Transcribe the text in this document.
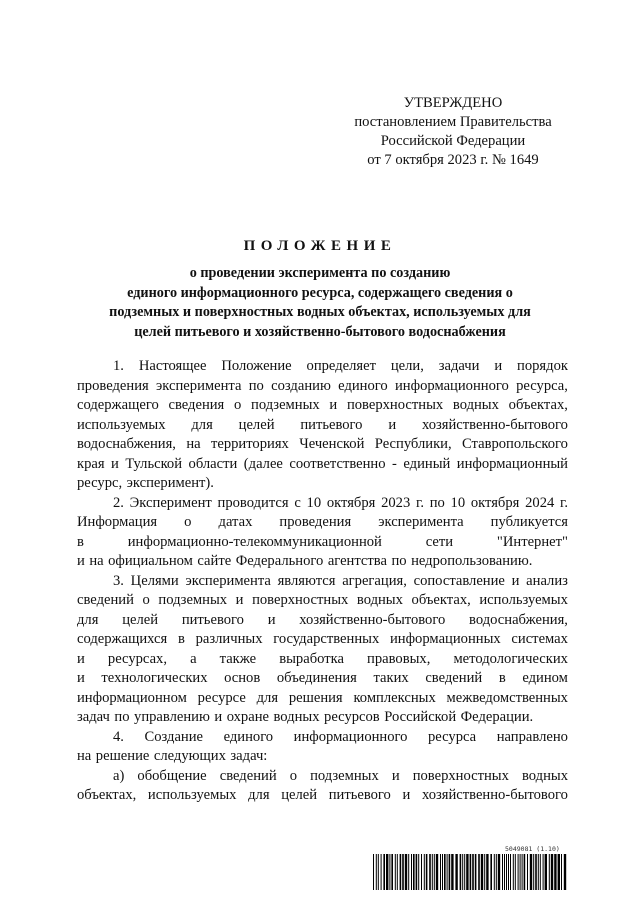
УТВЕРЖДЕНО
постановлением Правительства
Российской Федерации
от 7 октября 2023 г. № 1649
ПОЛОЖЕНИЕ
о проведении эксперимента по созданию
единого информационного ресурса, содержащего сведения о
подземных и поверхностных водных объектах, используемых для
целей питьевого и хозяйственно-бытового водоснабжения
1. Настоящее Положение определяет цели, задачи и порядок
проведения эксперимента по созданию единого информационного ресурса,
содержащего сведения о подземных и поверхностных водных объектах,
используемых для целей питьевого и хозяйственно-бытового
водоснабжения, на территориях Чеченской Республики, Ставропольского
края и Тульской области (далее соответственно - единый информационный
ресурс, эксперимент).
2. Эксперимент проводится с 10 октября 2023 г. по 10 октября 2024 г.
Информация о датах проведения эксперимента публикуется
в	информационно-телекоммуникационной	сети	"Интернет"
и на официальном сайте Федерального агентства по недропользованию.
3. Целями эксперимента являются агрегация, сопоставление и анализ
сведений о подземных и поверхностных водных объектах, используемых
для целей питьевого и хозяйственно-бытового водоснабжения,
содержащихся в различных государственных информационных системах
и ресурсах, а также выработка правовых, методологических
и технологических основ объединения таких сведений в едином
информационном ресурсе для решения комплексных межведомственных
задач по управлению и охране водных ресурсов Российской Федерации.
4. Создание единого информационного ресурса направлено
на решение следующих задач:
а) обобщение сведений о подземных и поверхностных водных
объектах, используемых для целей питьевого и хозяйственно-бытового
5049081 (1.10)
